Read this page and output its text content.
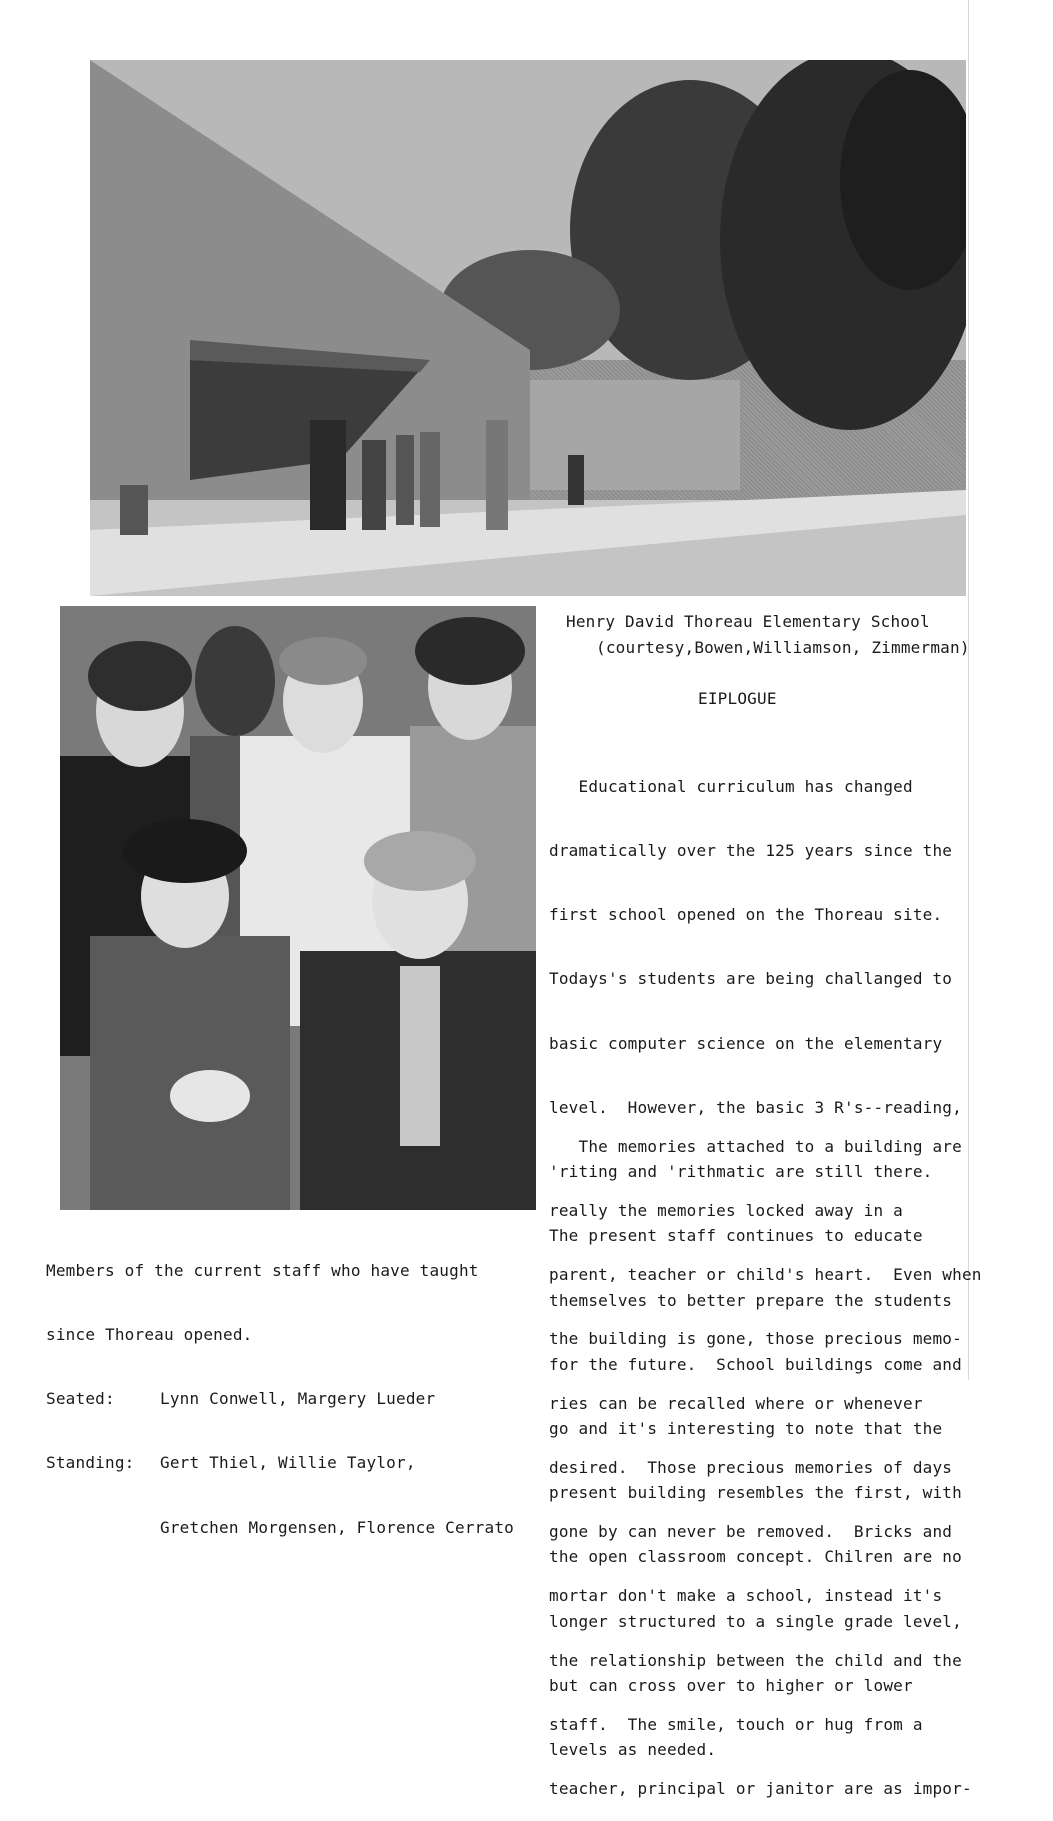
Henry David Thoreau Elementary School
(courtesy,Bowen,Williamson, Zimmerman)

Members of the current staff who have taught

since Thoreau opened.

Seated:	Lynn Conwell, Margery Lueder

Standing: Gert Thiel, Willie Taylor,

Gretchen Morgensen, Florence Cerrato

EIPLOGUE

Educational curriculum has changed

dramatically over the 125 years since the

first school opened on the Thoreau site.

Todays's students are being challanged to

basic computer science on the elementary

level.  However, the basic 3 R's--reading,

'riting and 'rithmatic are still there.

The present staff continues to educate

themselves to better prepare the students

for the future.  School buildings come and

go and it's interesting to note that the

present building resembles the first, with

the open classroom concept. Chilren are no

longer structured to a single grade level,

but can cross over to higher or lower

levels as needed.

The memories attached to a building are

really the memories locked away in a

parent, teacher or child's heart.  Even when

the building is gone, those precious memo-

ries can be recalled where or whenever

desired.  Those precious memories of days

gone by can never be removed.  Bricks and

mortar don't make a school, instead it's

the relationship between the child and the

staff.  The smile, touch or hug from a

teacher, principal or janitor are as impor-
